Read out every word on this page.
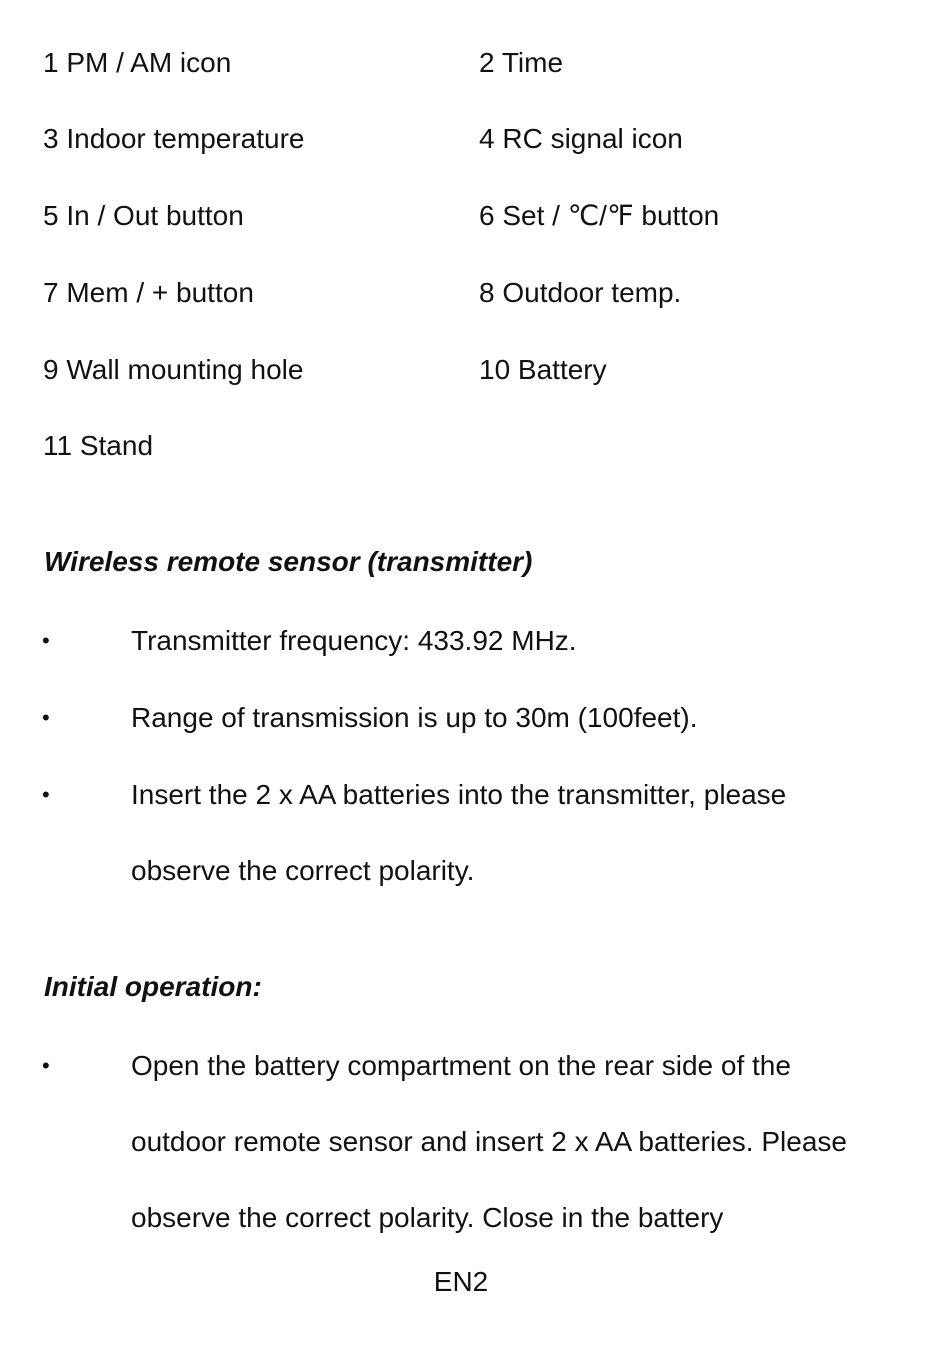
1 PM / AM icon	2 Time
3 Indoor temperature	4 RC signal icon
5 In / Out button	6 Set / ℃/℉ button
7 Mem / + button	8 Outdoor temp.
9 Wall mounting hole	10 Battery
11 Stand
Wireless remote sensor (transmitter)
•	Transmitter frequency: 433.92 MHz.
•	Range of transmission is up to 30m (100feet).
•	Insert the 2 x AA batteries into the transmitter, please
observe the correct polarity.
Initial operation:
•	Open the battery compartment on the rear side of the
outdoor remote sensor and insert 2 x AA batteries. Please
observe the correct polarity. Close in the battery
EN2
